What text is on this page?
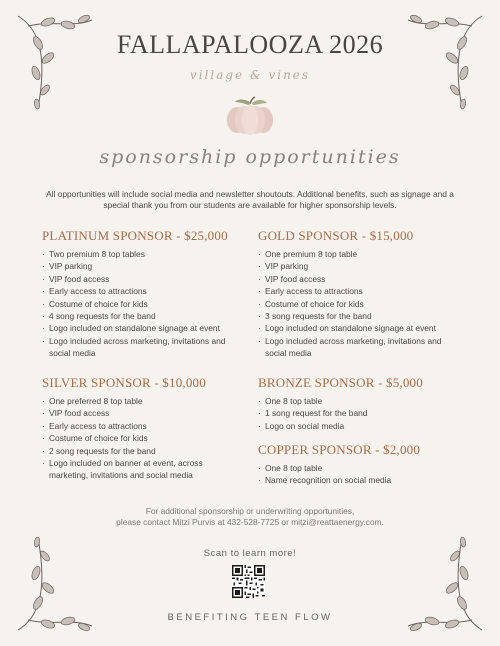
FALLAPALOOZA 2026
village & vines
sponsorship opportunities
All opportunities will include social media and newsletter shoutouts. Additional benefits, such as signage and a special thank you from our students are available for higher sponsorship levels.
PLATINUM SPONSOR - $25,000
· Two premium 8 top tables
· VIP parking
· VIP food access
· Early access to attractions
· Costume of choice for kids
· 4 song requests for the band
· Logo included on standalone signage at event
· Logo included across marketing, invitations and social media
GOLD SPONSOR - $15,000
· One premium 8 top table
· VIP parking
· VIP food access
· Early access to attractions
· Costume of choice for kids
· 3 song requests for the band
· Logo included on standalone signage at event
· Logo included across marketing, invitations and social media
SILVER SPONSOR - $10,000
· One preferred 8 top table
· VIP food access
· Early access to attractions
· Costume of choice for kids
· 2 song requests for the band
· Logo included on banner at event, across marketing, invitations and social media
BRONZE SPONSOR - $5,000
· One 8 top table
· 1 song request for the band
· Logo on social media
COPPER SPONSOR - $2,000
· One 8 top table
· Name recognition on social media
For additional sponsorship or underwriting opportunities,
please contact Mitzi Purvis at 432-528-7725 or mitzi@reattaenergy.com.
Scan to learn more!
BENEFITING TEEN FLOW
